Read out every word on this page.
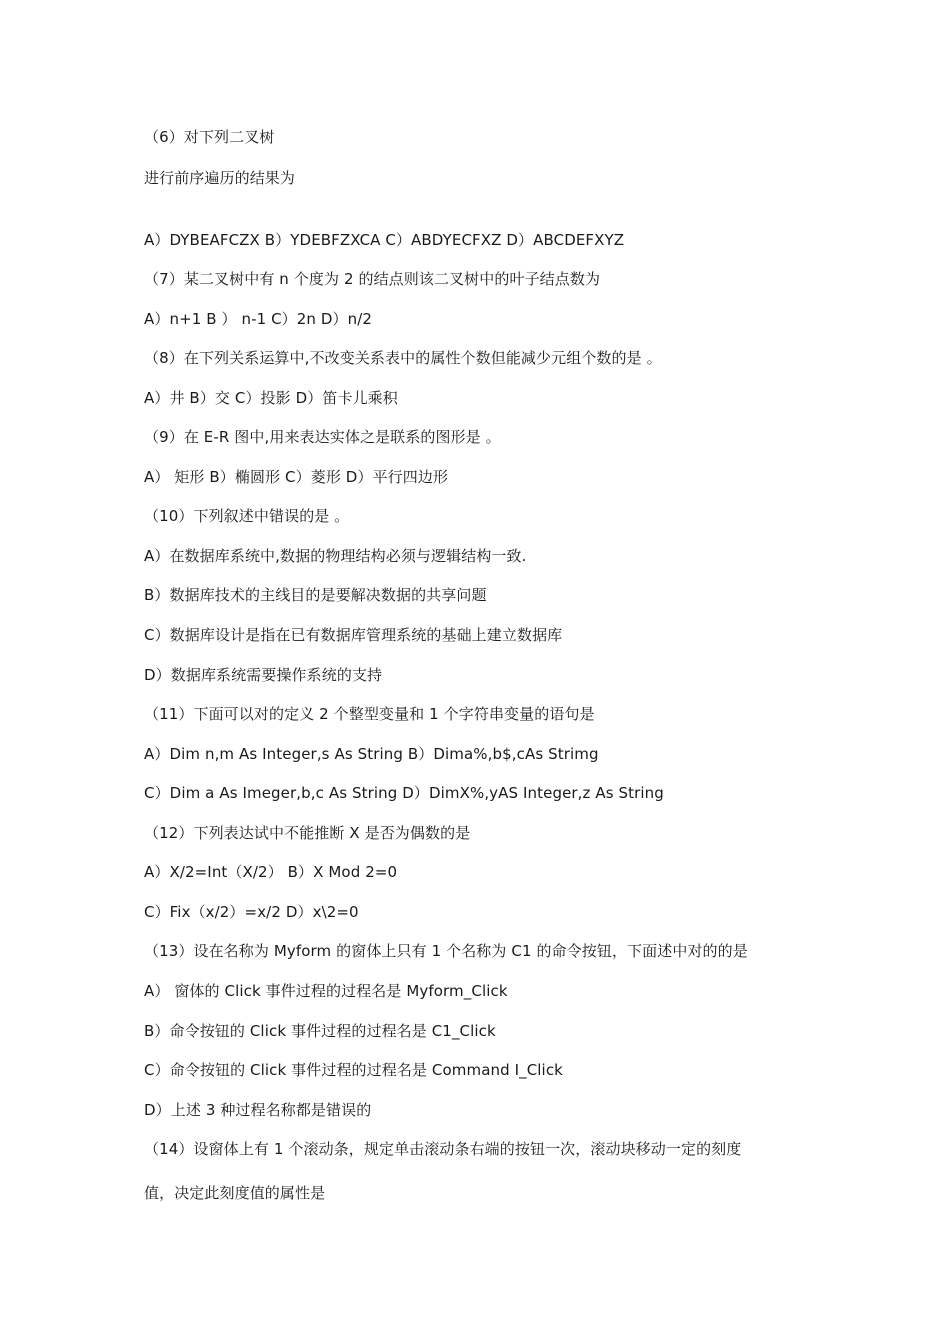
（6）对下列二叉树
进行前序遍历的结果为
A）DYBEAFCZX B）YDEBFZXCA C）ABDYECFXZ D）ABCDEFXYZ
（7）某二叉树中有 n 个度为 2 的结点则该二叉树中的叶子结点数为
A）n+1 B ） n-1 C）2n D）n/2
（8）在下列关系运算中,不改变关系表中的属性个数但能减少元组个数的是 。
A）井 B）交 C）投影 D）笛卡儿乘积
（9）在 E-R 图中,用来表达实体之是联系的图形是 。
A） 矩形 B）椭圆形 C）菱形 D）平行四边形
（10）下列叙述中错误的是 。
A）在数据库系统中,数据的物理结构必须与逻辑结构一致.
B）数据库技术的主线目的是要解决数据的共享问题
C）数据库设计是指在已有数据库管理系统的基础上建立数据库
D）数据库系统需要操作系统的支持
（11）下面可以对的定义 2 个整型变量和 1 个字符串变量的语句是
A）Dim n,m As Integer,s As String B）Dima%,b$,cAs Strimg
C）Dim a As Imeger,b,c As String D）DimX%,yAS Integer,z As String
（12）下列表达试中不能推断 X 是否为偶数的是
A）X/2=Int（X/2） B）X Mod 2=0
C）Fix（x/2）=x/2 D）x\2=0
（13）设在名称为 Myform 的窗体上只有 1 个名称为 C1 的命令按钮，下面述中对的的是
A） 窗体的 Click 事件过程的过程名是 Myform_Click
B）命令按钮的 Click 事件过程的过程名是 C1_Click
C）命令按钮的 Click 事件过程的过程名是 Command I_Click
D）上述 3 种过程名称都是错误的
（14）设窗体上有 1 个滚动条，规定单击滚动条右端的按钮一次，滚动块移动一定的刻度
值，决定此刻度值的属性是
